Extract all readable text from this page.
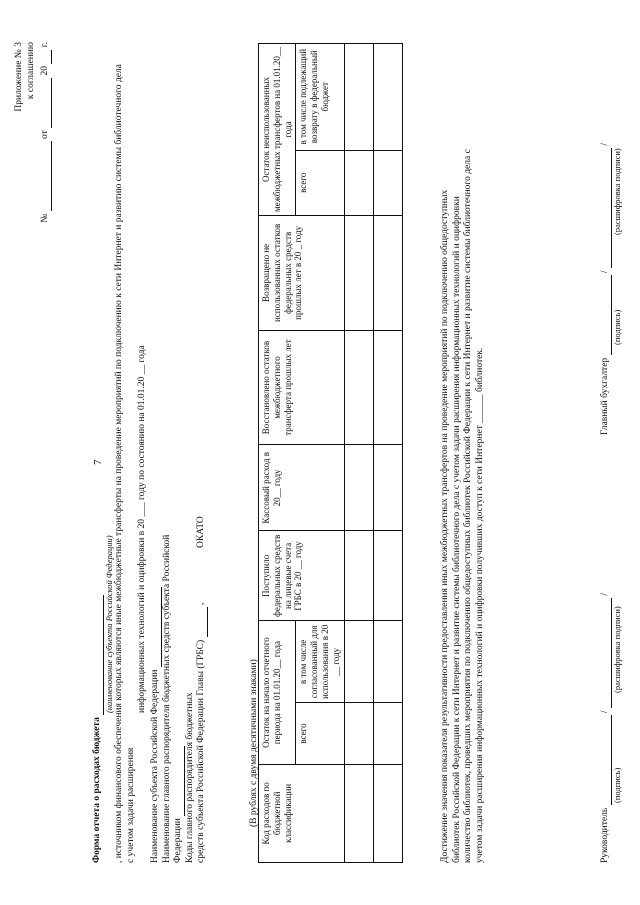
7
Приложение № 3 к соглашению
№  от  20  г.
Форма отчета о расходах бюджета
(наименование субъекта Российской Федерации) , источником финансового обеспечения которых являются иные межбюджетные трансферты на проведение мероприятий по подключению к сети Интернет и развитию системы библиотечного дела с учетом задачи расширения
информационных технологий и оцифровки в 20 ___ году по состоянию на 01.01.20 __ года
Наименование субъекта Российской Федерации Наименование главного распорядителя бюджетных средств субъекта Российской Федерации Коды главного распорядителя бюджетных средств субъекта Российской Федерации Главы (ГРБС)  ,  ОКАТО
(В рублях с двумя десятичными знаками) Код расходов по бюджетной классификации	Остаток на начало отчетного периода на 01.01.20__ года		Поступило федеральных средств на лицевые счета ГРБС в 20 __ году	Кассовый расход в 20__ году	Восстановлено остатков межбюджетного трансферта прошлых лет	Возвращено не использованных остатков федеральных средств прошлых лет в 20 _ году	Остаток неиспользованных межбюджетных трансфертов на 01.01.20__ года	
	всего	в том числе согласованный для использования в 20 __ году					всего	в том числе подлежащий возврату в федеральный бюджет

Достижение значения показателя результативности предоставления иных межбюджетных трансфертов на проведение мероприятий по подключению общедоступных библиотек Российской Федерации к сети Интернет и развитие системы библиотечного дела с учетом задачи расширения информационных технологий и оцифровки количество библиотек, проведших мероприятия по подключению общедоступных библиотек Российской Федерации к сети Интернет и развитие системы библиотечного дела с учетом задачи расширения информационных технологий и оцифровки получивших доступ к сети Интернет ______ библиотек.	Руководитель  /  /
(подпись)
(расшифровка подписи)
Главный бухгалтер  /  /
(подпись)
(расшифровка подписи)
